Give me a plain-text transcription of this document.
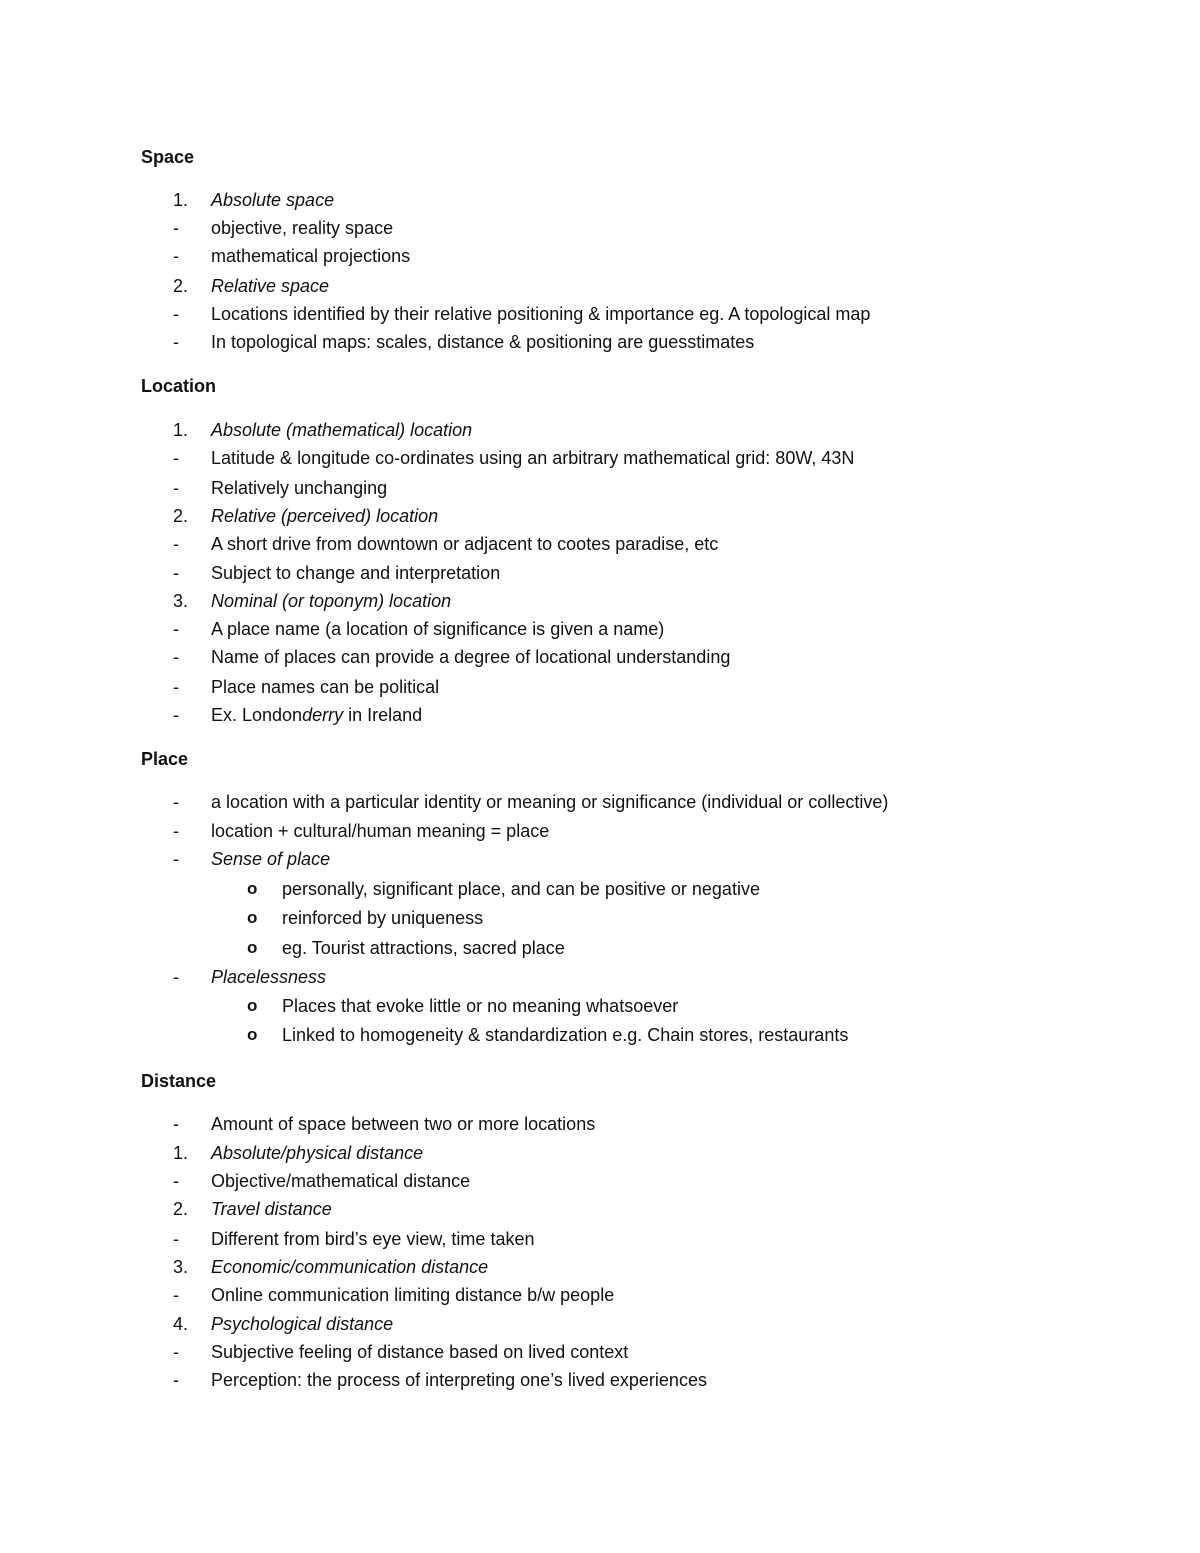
Space
1. Absolute space
- objective, reality space
- mathematical projections
2. Relative space
- Locations identified by their relative positioning & importance eg. A topological map
- In topological maps: scales, distance & positioning are guesstimates
Location
1. Absolute (mathematical) location
- Latitude & longitude co-ordinates using an arbitrary mathematical grid: 80W, 43N
- Relatively unchanging
2. Relative (perceived) location
- A short drive from downtown or adjacent to cootes paradise, etc
- Subject to change and interpretation
3. Nominal (or toponym) location
- A place name (a location of significance is given a name)
- Name of places can provide a degree of locational understanding
- Place names can be political
- Ex. Londonderry in Ireland
Place
- a location with a particular identity or meaning or significance (individual or collective)
- location + cultural/human meaning = place
- Sense of place
o personally, significant place, and can be positive or negative
o reinforced by uniqueness
o eg. Tourist attractions, sacred place
- Placelessness
o Places that evoke little or no meaning whatsoever
o Linked to homogeneity & standardization e.g. Chain stores, restaurants
Distance
- Amount of space between two or more locations
1. Absolute/physical distance
- Objective/mathematical distance
2. Travel distance
- Different from bird’s eye view, time taken
3. Economic/communication distance
- Online communication limiting distance b/w people
4. Psychological distance
- Subjective feeling of distance based on lived context
- Perception: the process of interpreting one’s lived experiences
